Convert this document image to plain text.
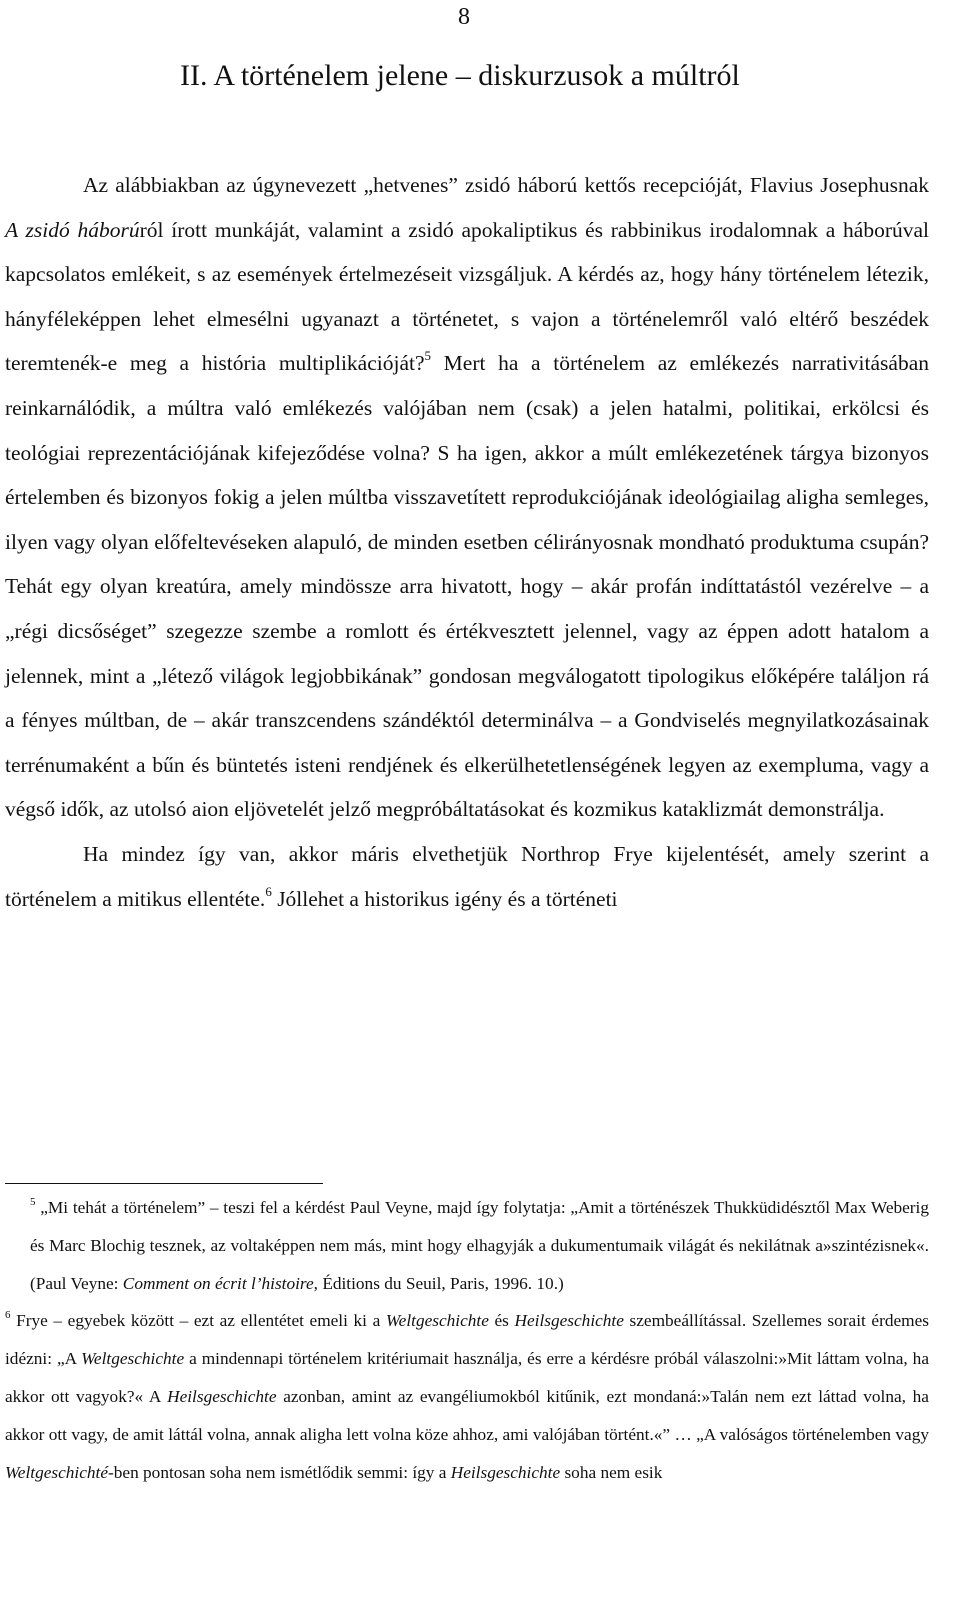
8
II. A történelem jelene – diskurzusok a múltról

Az alábbiakban az úgynevezett „hetvenes” zsidó háború kettős recepcióját, Flavius Josephusnak A zsidó háborúról írott munkáját, valamint a zsidó apokaliptikus és rabbinikus irodalomnak a háborúval kapcsolatos emlékeit, s az események értelmezéseit vizsgáljuk. A kérdés az, hogy hány történelem létezik, hányféleképpen lehet elmesélni ugyanazt a történetet, s vajon a történelemről való eltérő beszédek teremtenék-e meg a história multiplikációját?$^5$ Mert ha a történelem az emlékezés narrativitásában reinkarnálódik, a múltra való emlékezés valójában nem (csak) a jelen hatalmi, politikai, erkölcsi és teológiai reprezentációjának kifejeződése volna? S ha igen, akkor a múlt emlékezetének tárgya bizonyos értelemben és bizonyos fokig a jelen múltba visszavetített reprodukciójának ideológiailag aligha semleges, ilyen vagy olyan előfeltevéseken alapuló, de minden esetben célirányosnak mondható produktuma csupán? Tehát egy olyan kreatúra, amely mindössze arra hivatott, hogy – akár profán indíttatástól vezérelve – a „régi dicsőséget” szegezze szembe a romlott és értékvesztett jelennel, vagy az éppen adott hatalom a jelennek, mint a „létező világok legjobbikának” gondosan megválogatott tipologikus előképére találjon rá a fényes múltban, de – akár transzcendens szándéktól determinálva – a Gondviselés megnyilatkozásainak terrénumaként a bűn és büntetés isteni rendjének és elkerülhetetlenségének legyen az exempluma, vagy a végső idők, az utolsó aion eljövetelét jelző megpróbáltatásokat és kozmikus kataklizmát demonstrálja.

Ha mindez így van, akkor máris elvethetjük Northrop Frye kijelentését, amely szerint a történelem a mitikus ellentéte.$^6$ Jóllehet a historikus igény és a történeti

$^5$ „Mi tehát a történelem” – teszi fel a kérdést Paul Veyne, majd így folytatja: „Amit a történészek Thukküdidésztől Max Weberig és Marc Blochig tesznek, az voltaképpen nem más, mint hogy elhagyják a dukumentumaik világát és nekilátnak a»szintézisnek«. (Paul Veyne: Comment on écrit l’histoire, Éditions du Seuil, Paris, 1996. 10.)

$^6$ Frye – egyebek között – ezt az ellentétet emeli ki a Weltgeschichte és Heilsgeschichte szembeállítással. Szellemes sorait érdemes idézni: „A Weltgeschichte a mindennapi történelem kritériumait használja, és erre a kérdésre próbál válaszolni:»Mit láttam volna, ha akkor ott vagyok?« A Heilsgeschichte azonban, amint az evangéliumokból kitűnik, ezt mondaná:»Talán nem ezt láttad volna, ha akkor ott vagy, de amit láttál volna, annak aligha lett volna köze ahhoz, ami valójában történt.«” … „A valóságos történelemben vagy Weltgeschichté-ben pontosan soha nem ismétlődik semmi: így a Heilsgeschichte soha nem esik
